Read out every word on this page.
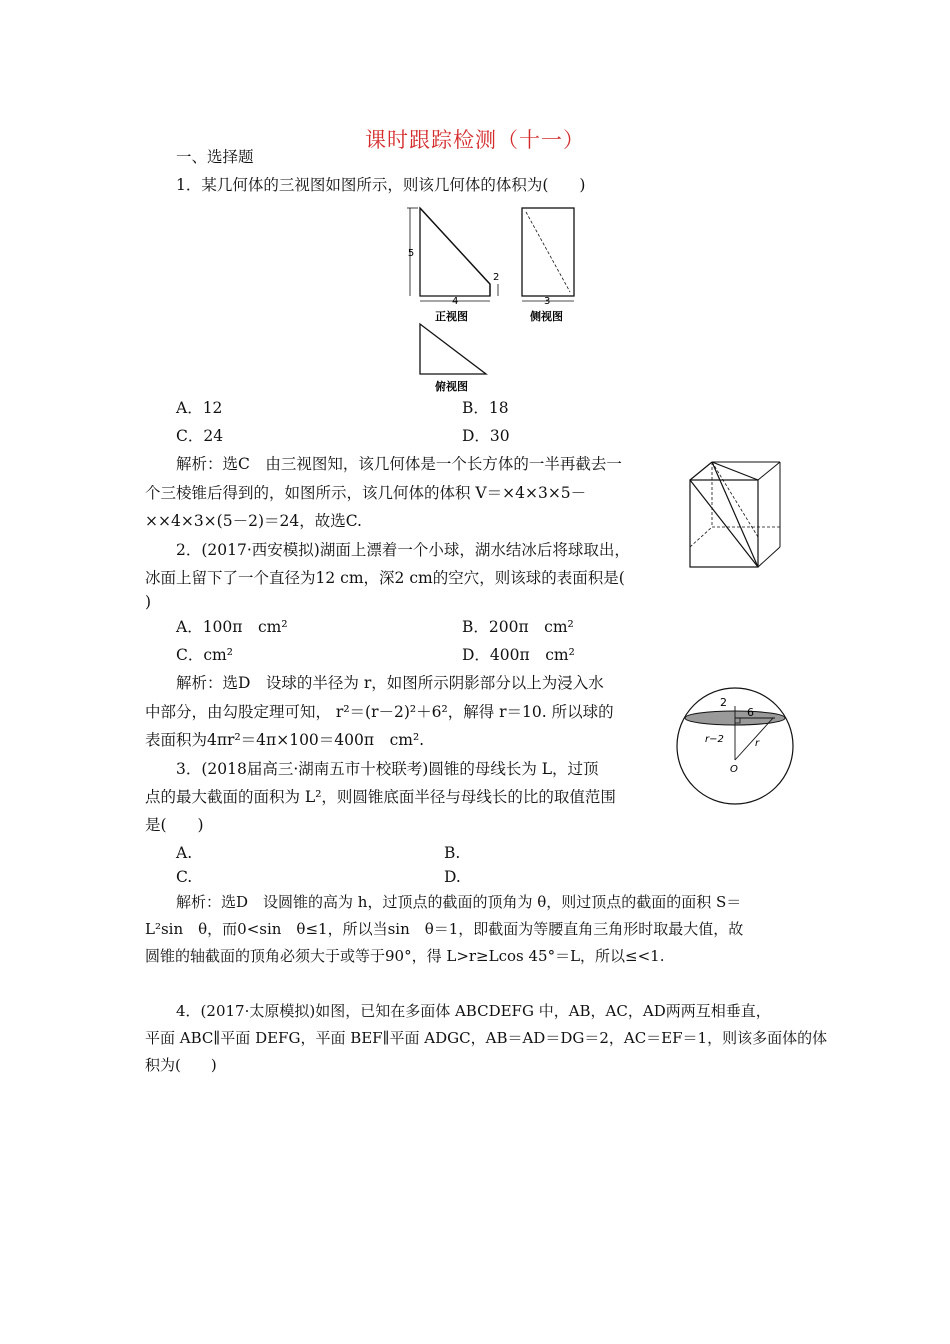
课时跟踪检测（十一）
一、选择题
1．某几何体的三视图如图所示，则该几何体的体积为(　　)
5
2
4	3
正视图	侧视图
俯视图
A．12	B．18
C．24	D．30
解析：选C　由三视图知，该几何体是一个长方体的一半再截去一
个三棱锥后得到的，如图所示，该几何体的体积 V＝×4×3×5－
××4×3×(5－2)＝24，故选C.
2．(2017·西安模拟)湖面上漂着一个小球，湖水结冰后将球取出，
冰面上留下了一个直径为12 cm，深2 cm的空穴，则该球的表面积是(
)
A．100π　cm²	B．200π　cm²
C．cm²	D．400π　cm²
解析：选D　设球的半径为 r，如图所示阴影部分以上为浸入水
中部分，由勾股定理可知， r²＝(r－2)²＋6²，解得 r＝10. 所以球的
表面积为4πr²＝4π×100＝400π　cm².
2
6
r−2	r
O
3．(2018届高三·湖南五市十校联考)圆锥的母线长为 L，过顶
点的最大截面的面积为 L²，则圆锥底面半径与母线长的比的取值范围
是(　　)
A.	B.
C.	D.
解析：选D　设圆锥的高为 h，过顶点的截面的顶角为 θ，则过顶点的截面的面积 S＝
L²sin　θ，而0<sin　θ≤1，所以当sin　θ＝1，即截面为等腰直角三角形时取最大值，故
圆锥的轴截面的顶角必须大于或等于90°，得 L>r≥Lcos 45°＝L，所以≤<1.
4．(2017·太原模拟)如图，已知在多面体 ABCDEFG 中，AB，AC，AD两两互相垂直，
平面 ABC∥平面 DEFG，平面 BEF∥平面 ADGC，AB＝AD＝DG＝2，AC＝EF＝1，则该多面体的体
积为(　　)
